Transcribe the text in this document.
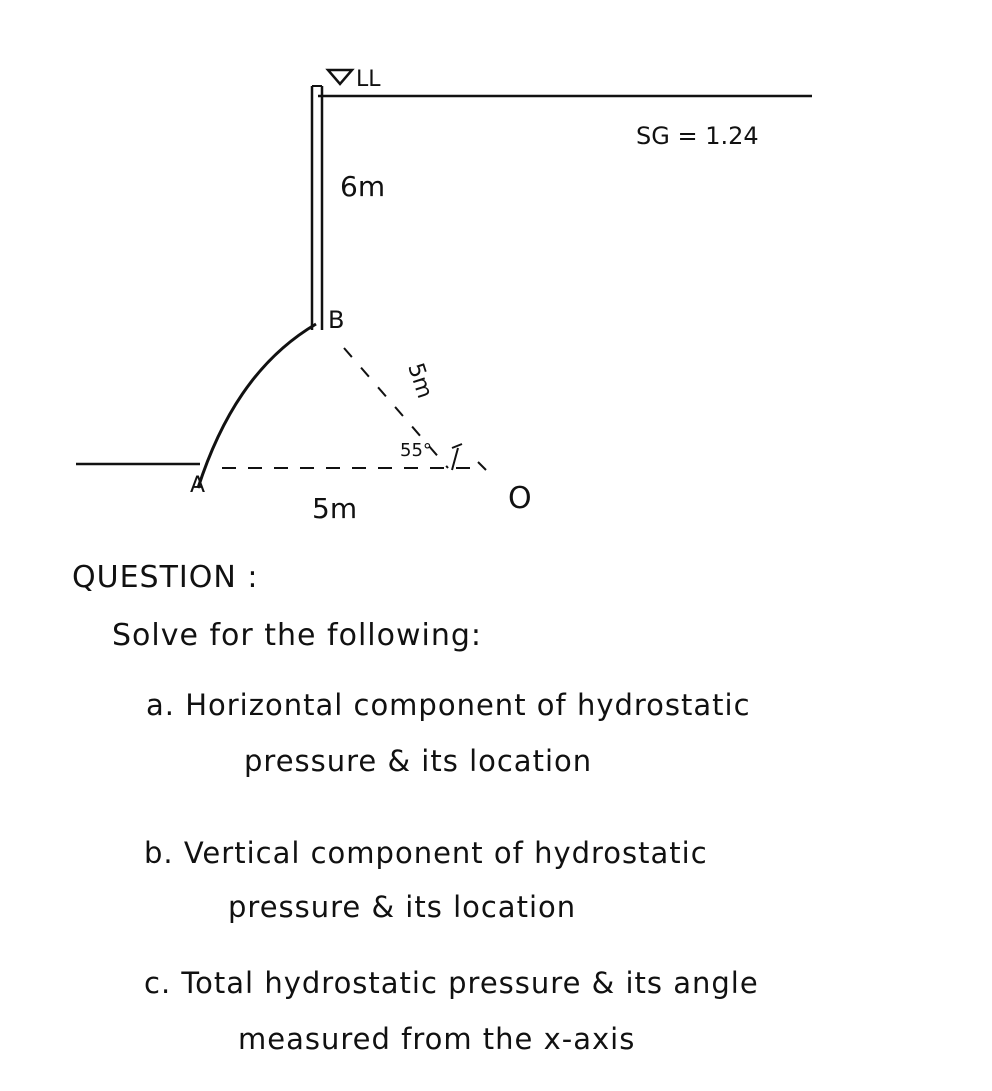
LL
SG = 1.24
6m
B
5m
55°
A
5m	O
QUESTION :
Solve for the following:
a. Horizontal component of hydrostatic
pressure & its location
b. Vertical component of hydrostatic
pressure & its location
c. Total hydrostatic pressure & its angle
measured from the x-axis
